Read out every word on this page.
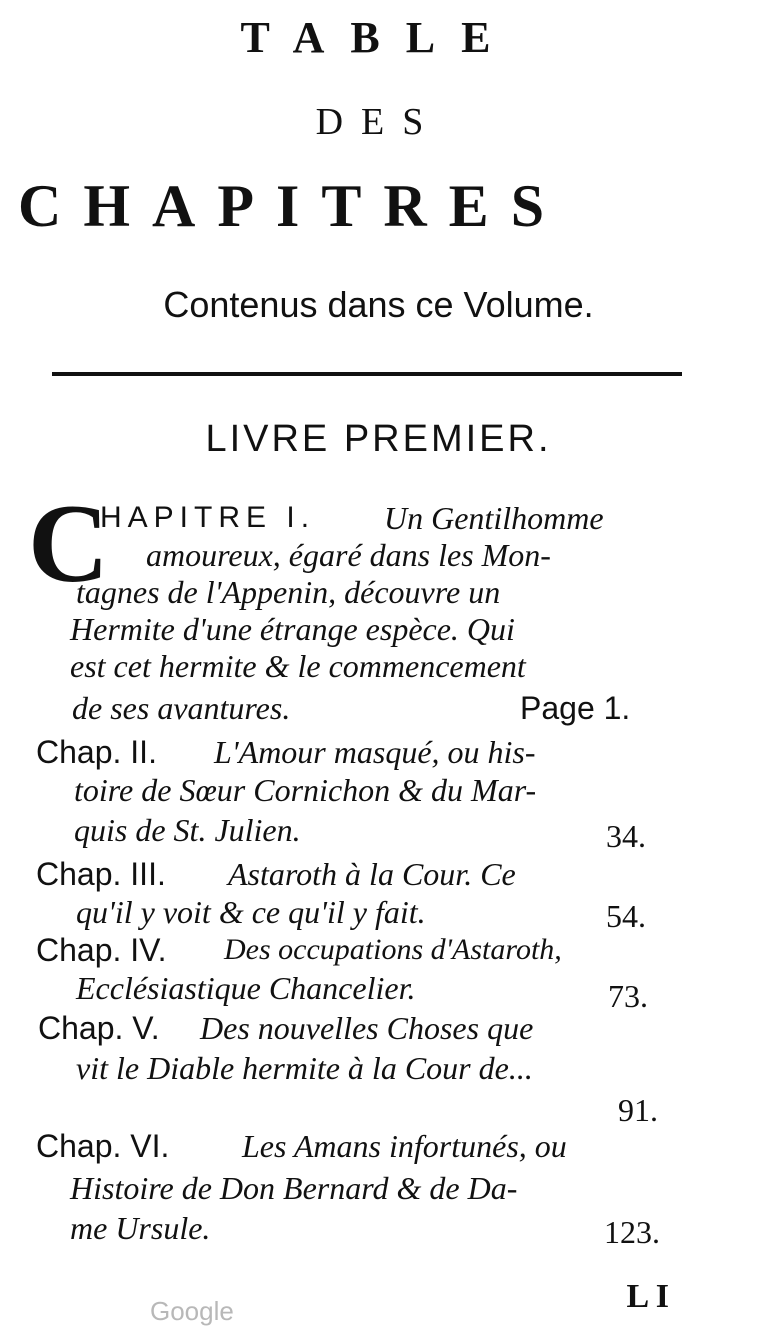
TABLE
DES
CHAPITRES
Contenus dans ce Volume.
LIVRE PREMIER.
C
HAPITRE I. Un Gentilhomme
amoureux, égaré dans les Mon-
tagnes de l'Appenin, découvre un
Hermite d'une étrange espèce. Qui
est cet hermite & le commencement
de ses avantures.	Page 1.
Chap. II. L'Amour masqué, ou his-
toire de Sœur Cornichon & du Mar-
quis de St. Julien.	34.
Chap. III. Astaroth à la Cour. Ce
qu'il y voit & ce qu'il y fait.	54.
Chap. IV. Des occupations d'Astaroth,
Ecclésiastique Chancelier.	73.
Chap. V. Des nouvelles Choses que
vit le Diable hermite à la Cour de...
91.
Chap. VI. Les Amans infortunés, ou
Histoire de Don Bernard & de Da-
me Ursule.	123.
L I
Google
